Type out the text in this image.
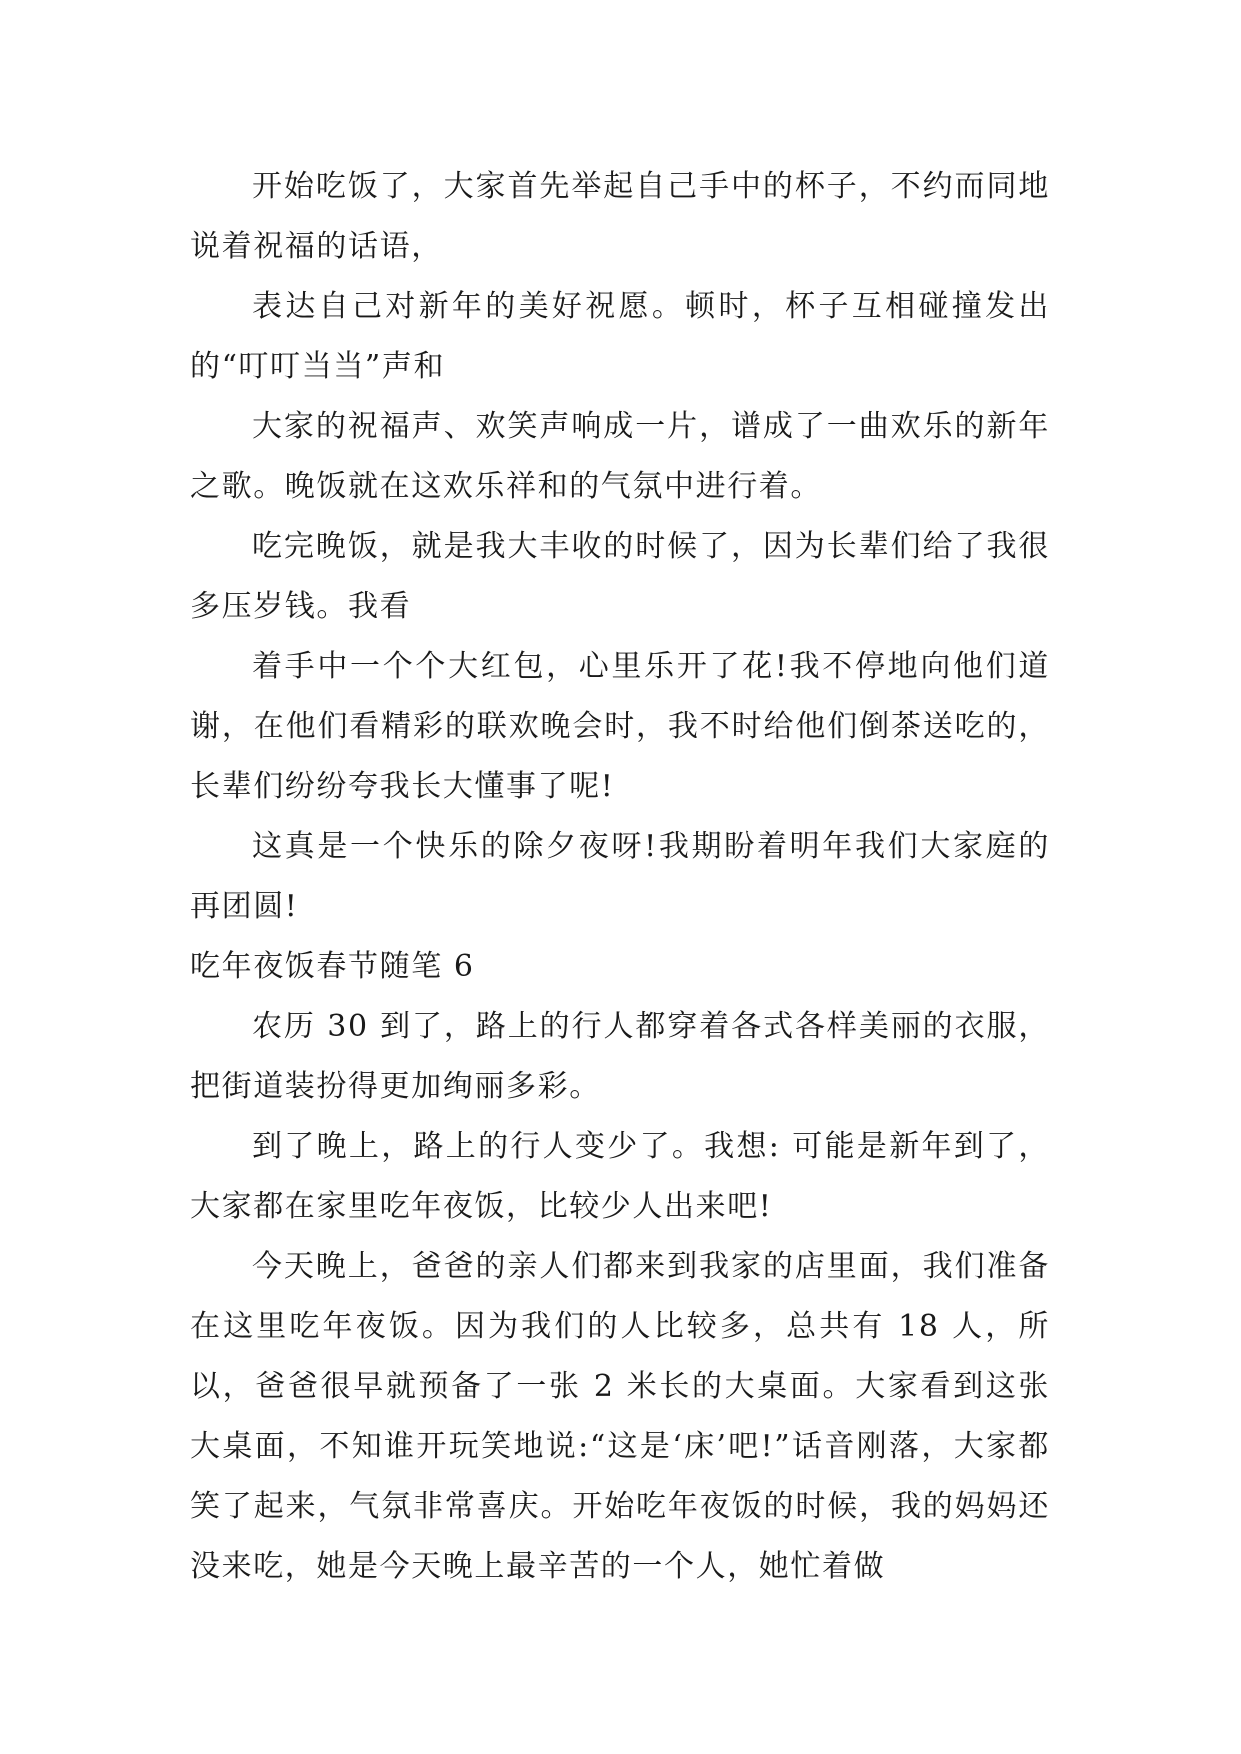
开始吃饭了，大家首先举起自己手中的杯子，不约而同地说着祝福的话语，

表达自己对新年的美好祝愿。顿时，杯子互相碰撞发出的“叮叮当当”声和

大家的祝福声、欢笑声响成一片，谱成了一曲欢乐的新年之歌。晚饭就在这欢乐祥和的气氛中进行着。

吃完晚饭，就是我大丰收的时候了，因为长辈们给了我很多压岁钱。我看

着手中一个个大红包，心里乐开了花!我不停地向他们道谢，在他们看精彩的联欢晚会时，我不时给他们倒茶送吃的，长辈们纷纷夸我长大懂事了呢!

这真是一个快乐的除夕夜呀!我期盼着明年我们大家庭的再团圆!

吃年夜饭春节随笔 6

农历 30 到了，路上的行人都穿着各式各样美丽的衣服，把街道装扮得更加绚丽多彩。

到了晚上，路上的行人变少了。我想: 可能是新年到了，大家都在家里吃年夜饭，比较少人出来吧!

今天晚上，爸爸的亲人们都来到我家的店里面，我们准备在这里吃年夜饭。因为我们的人比较多，总共有 18 人，所以，爸爸很早就预备了一张 2 米长的大桌面。大家看到这张大桌面，不知谁开玩笑地说:“这是‘床’吧!”话音刚落，大家都笑了起来，气氛非常喜庆。开始吃年夜饭的时候，我的妈妈还没来吃，她是今天晚上最辛苦的一个人，她忙着做
